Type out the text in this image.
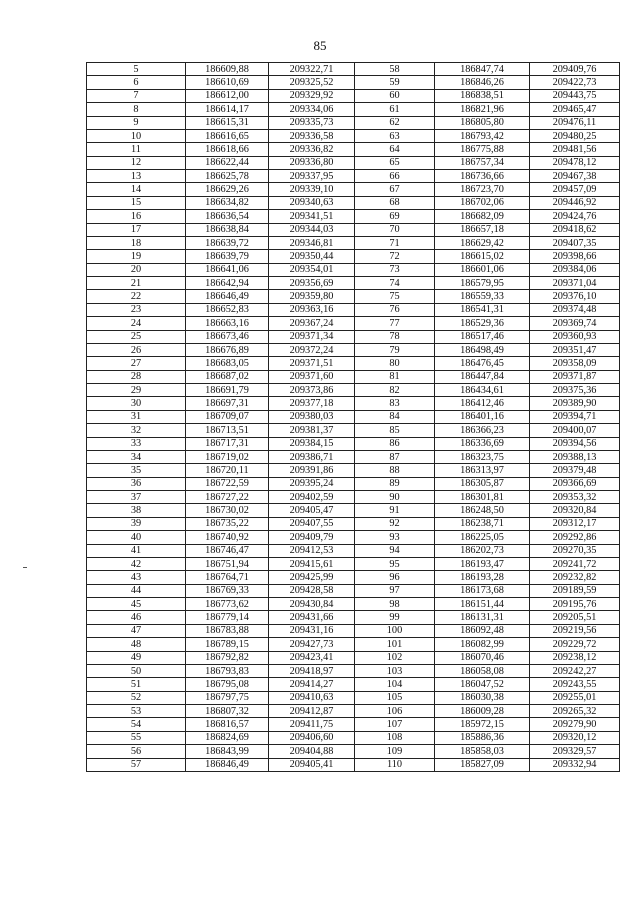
85
5	186609,88	209322,71	58	186847,74	209409,76
6	186610,69	209325,52	59	186846,26	209422,73
7	186612,00	209329,92	60	186838,51	209443,75
8	186614,17	209334,06	61	186821,96	209465,47
9	186615,31	209335,73	62	186805,80	209476,11
10	186616,65	209336,58	63	186793,42	209480,25
11	186618,66	209336,82	64	186775,88	209481,56
12	186622,44	209336,80	65	186757,34	209478,12
13	186625,78	209337,95	66	186736,66	209467,38
14	186629,26	209339,10	67	186723,70	209457,09
15	186634,82	209340,63	68	186702,06	209446,92
16	186636,54	209341,51	69	186682,09	209424,76
17	186638,84	209344,03	70	186657,18	209418,62
18	186639,72	209346,81	71	186629,42	209407,35
19	186639,79	209350,44	72	186615,02	209398,66
20	186641,06	209354,01	73	186601,06	209384,06
21	186642,94	209356,69	74	186579,95	209371,04
22	186646,49	209359,80	75	186559,33	209376,10
23	186652,83	209363,16	76	186541,31	209374,48
24	186663,16	209367,24	77	186529,36	209369,74
25	186673,46	209371,34	78	186517,46	209360,93
26	186676,89	209372,24	79	186498,49	209351,47
27	186683,05	209371,51	80	186476,45	209358,09
28	186687,02	209371,60	81	186447,84	209371,87
29	186691,79	209373,86	82	186434,61	209375,36
30	186697,31	209377,18	83	186412,46	209389,90
31	186709,07	209380,03	84	186401,16	209394,71
32	186713,51	209381,37	85	186366,23	209400,07
33	186717,31	209384,15	86	186336,69	209394,56
34	186719,02	209386,71	87	186323,75	209388,13
35	186720,11	209391,86	88	186313,97	209379,48
36	186722,59	209395,24	89	186305,87	209366,69
37	186727,22	209402,59	90	186301,81	209353,32
38	186730,02	209405,47	91	186248,50	209320,84
39	186735,22	209407,55	92	186238,71	209312,17
40	186740,92	209409,79	93	186225,05	209292,86
41	186746,47	209412,53	94	186202,73	209270,35
42	186751,94	209415,61	95	186193,47	209241,72
43	186764,71	209425,99	96	186193,28	209232,82
44	186769,33	209428,58	97	186173,68	209189,59
45	186773,62	209430,84	98	186151,44	209195,76
46	186779,14	209431,66	99	186131,31	209205,51
47	186783,88	209431,16	100	186092,48	209219,56
48	186789,15	209427,73	101	186082,99	209229,72
49	186792,82	209423,41	102	186070,46	209238,12
50	186793,83	209418,97	103	186058,08	209242,27
51	186795,08	209414,27	104	186047,52	209243,55
52	186797,75	209410,63	105	186030,38	209255,01
53	186807,32	209412,87	106	186009,28	209265,32
54	186816,57	209411,75	107	185972,15	209279,90
55	186824,69	209406,60	108	185886,36	209320,12
56	186843,99	209404,88	109	185858,03	209329,57
57	186846,49	209405,41	110	185827,09	209332,94
